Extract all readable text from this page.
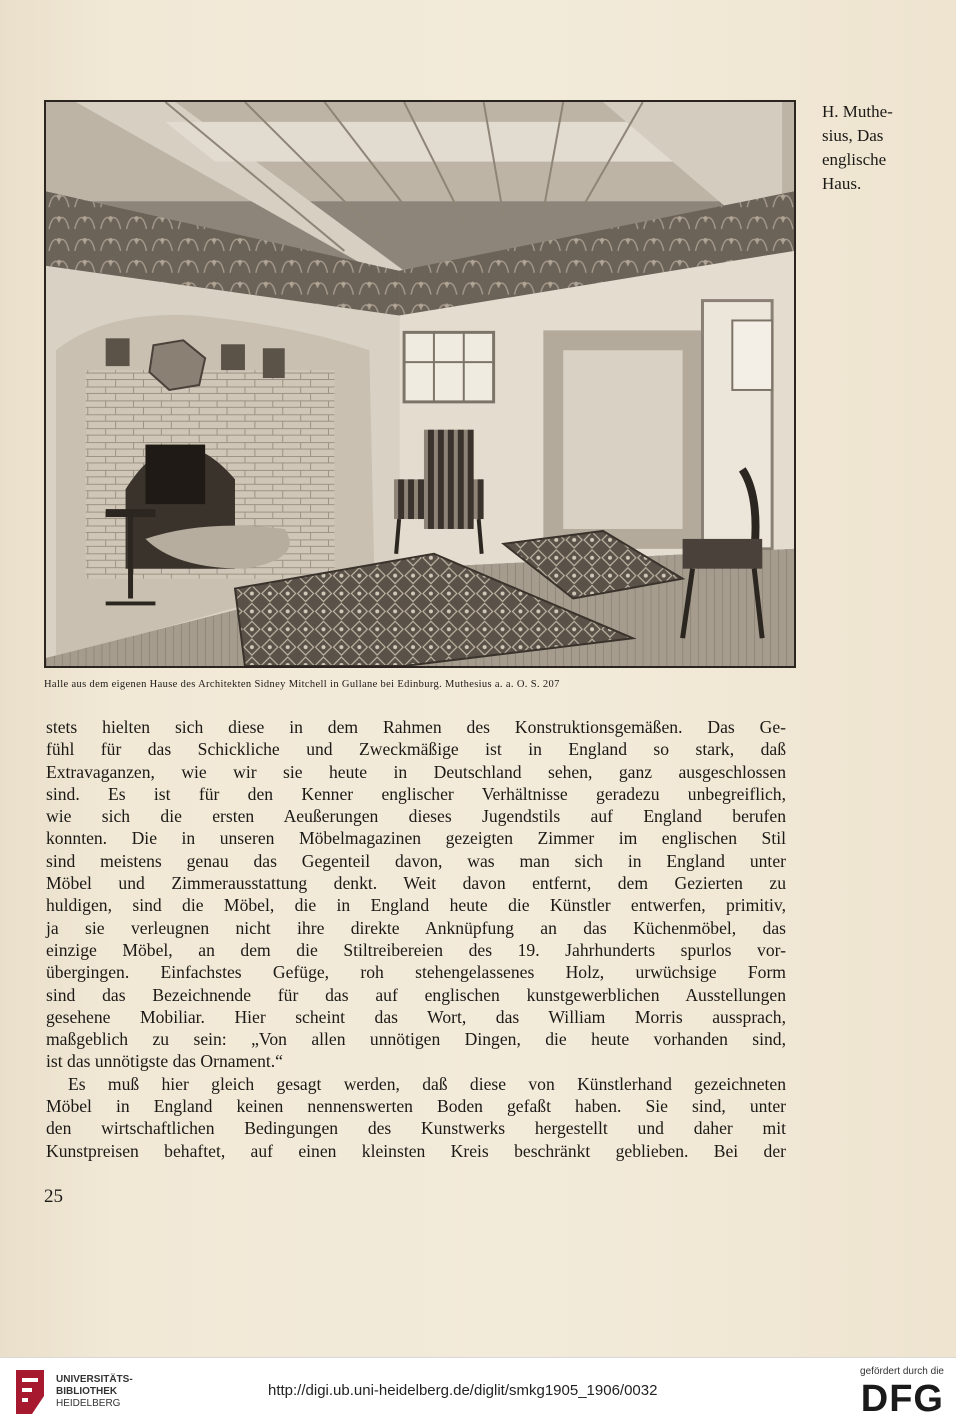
H. Muthe-
sius, Das
englische
Haus.
Halle aus dem eigenen Hause des Architekten Sidney Mitchell in Gullane bei Edinburg. Muthesius a. a. O. S. 207
stets hielten sich diese in dem Rahmen des Konstruktionsgemäßen. Das Ge-
fühl für das Schickliche und Zweckmäßige ist in England so stark, daß
Extravaganzen, wie wir sie heute in Deutschland sehen, ganz ausgeschlossen
sind. Es ist für den Kenner englischer Verhältnisse geradezu unbegreiflich,
wie sich die ersten Aeußerungen dieses Jugendstils auf England berufen
konnten. Die in unseren Möbelmagazinen gezeigten Zimmer im englischen Stil
sind meistens genau das Gegenteil davon, was man sich in England unter
Möbel und Zimmerausstattung denkt. Weit davon entfernt, dem Gezierten zu
huldigen, sind die Möbel, die in England heute die Künstler entwerfen, primitiv,
ja sie verleugnen nicht ihre direkte Anknüpfung an das Küchenmöbel, das
einzige Möbel, an dem die Stiltreibereien des 19. Jahrhunderts spurlos vor-
übergingen. Einfachstes Gefüge, roh stehengelassenes Holz, urwüchsige Form
sind das Bezeichnende für das auf englischen kunstgewerblichen Ausstellungen
gesehene Mobiliar. Hier scheint das Wort, das William Morris aussprach,
maßgeblich zu sein: „Von allen unnötigen Dingen, die heute vorhanden sind,
ist das unnötigste das Ornament.“
Es muß hier gleich gesagt werden, daß diese von Künstlerhand gezeichneten
Möbel in England keinen nennenswerten Boden gefaßt haben. Sie sind, unter
den wirtschaftlichen Bedingungen des Kunstwerks hergestellt und daher mit
Kunstpreisen behaftet, auf einen kleinsten Kreis beschränkt geblieben. Bei der
25
UNIVERSITÄTS-
BIBLIOTHEK
HEIDELBERG
http://digi.ub.uni-heidelberg.de/diglit/smkg1905_1906/0032
gefördert durch die
DFG
